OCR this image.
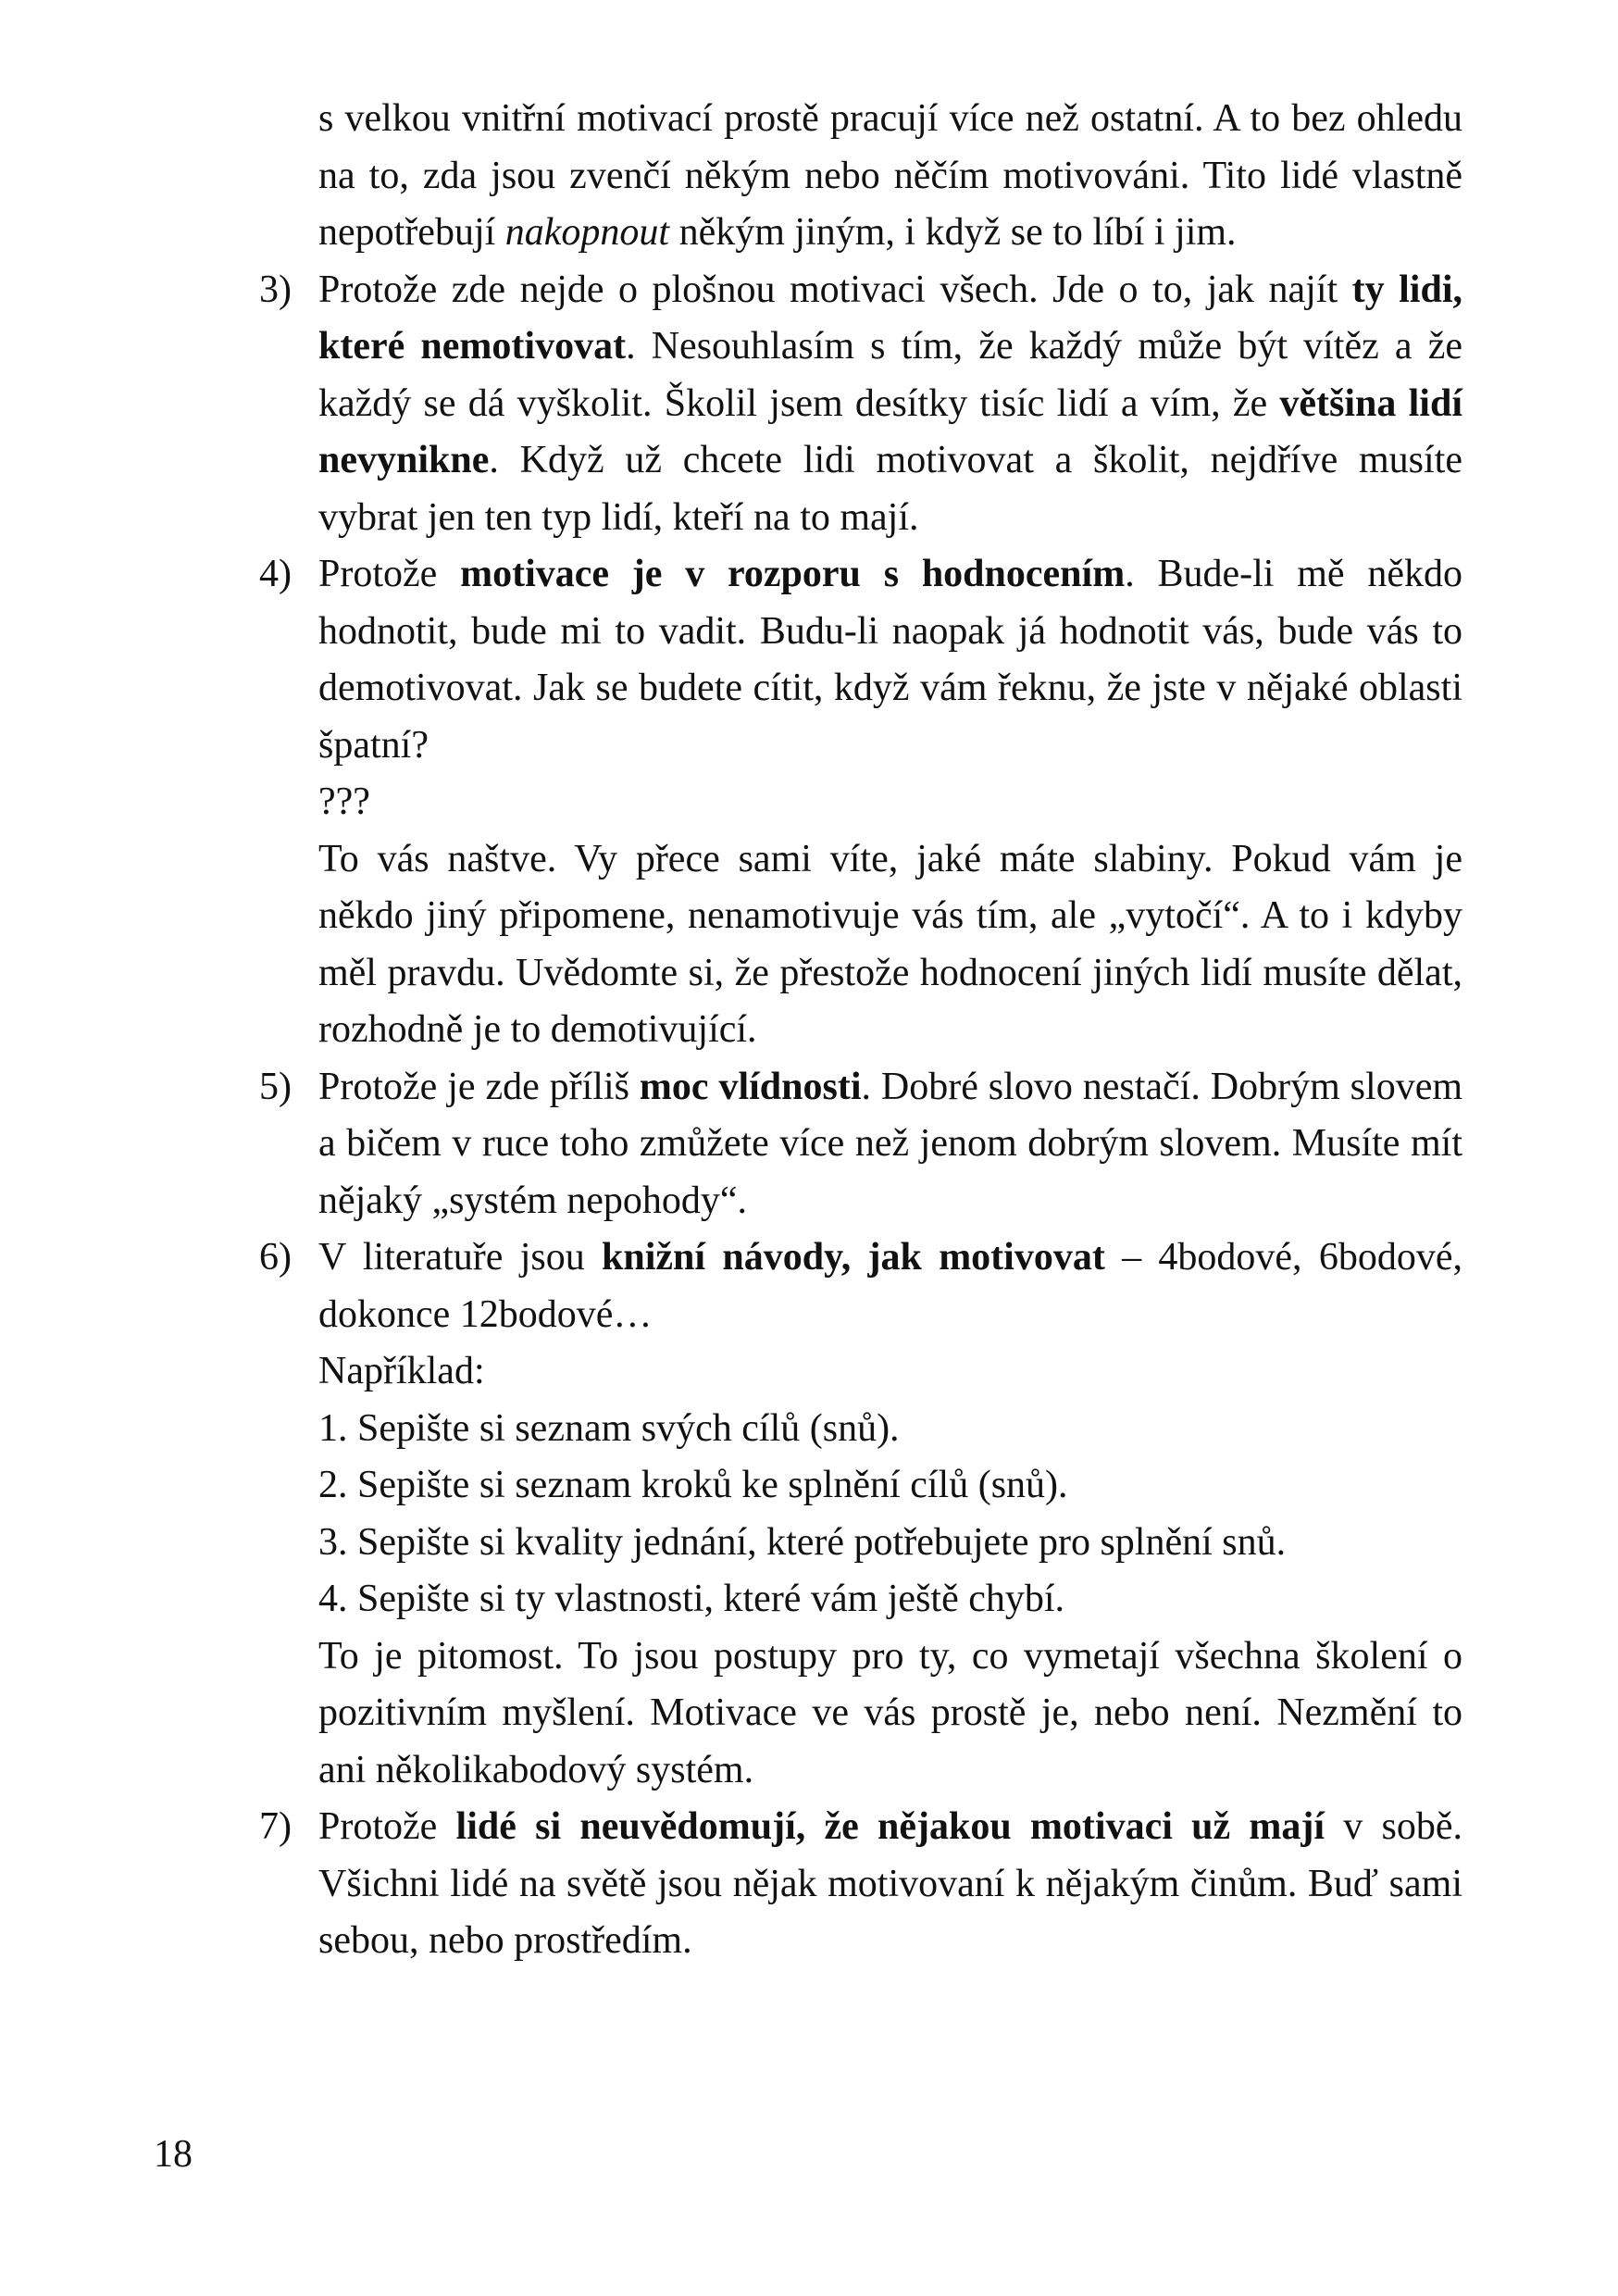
s velkou vnitřní motivací prostě pracují více než ostatní. A to bez ohledu na to, zda jsou zvenčí někým nebo něčím motivováni. Tito lidé vlastně nepotřebují nakopnout někým jiným, i když se to líbí i jim.

3) Protože zde nejde o plošnou motivaci všech. Jde o to, jak najít ty lidi, které nemotivovat. Nesouhlasím s tím, že každý může být vítěz a že každý se dá vyškolit. Školil jsem desítky tisíc lidí a vím, že většina lidí nevynikne. Když už chcete lidi motivovat a školit, nejdříve musíte vybrat jen ten typ lidí, kteří na to mají.

4) Protože motivace je v rozporu s hodnocením. Bude-li mě někdo hodnotit, bude mi to vadit. Budu-li naopak já hodnotit vás, bude vás to demotivovat. Jak se budete cítit, když vám řeknu, že jste v nějaké oblasti špatní?

???

To vás naštve. Vy přece sami víte, jaké máte slabiny. Pokud vám je někdo jiný připomene, nenamotivuje vás tím, ale „vytočí“. A to i kdyby měl pravdu. Uvědomte si, že přestože hodnocení jiných lidí musíte dělat, rozhodně je to demotivující.

5) Protože je zde příliš moc vlídnosti. Dobré slovo nestačí. Dobrým slovem a bičem v ruce toho zmůžete více než jenom dobrým slovem. Musíte mít nějaký „systém nepohody“.

6) V literatuře jsou knižní návody, jak motivovat – 4bodové, 6bodové, dokonce 12bodové…

Například:

1. Sepište si seznam svých cílů (snů).

2. Sepište si seznam kroků ke splnění cílů (snů).

3. Sepište si kvality jednání, které potřebujete pro splnění snů.

4. Sepište si ty vlastnosti, které vám ještě chybí.

To je pitomost. To jsou postupy pro ty, co vymetají všechna školení o pozitivním myšlení. Motivace ve vás prostě je, nebo není. Nezmění to ani několikabodový systém.

7) Protože lidé si neuvědomují, že nějakou motivaci už mají v sobě. Všichni lidé na světě jsou nějak motivovaní k nějakým činům. Buď sami sebou, nebo prostředím.

18
